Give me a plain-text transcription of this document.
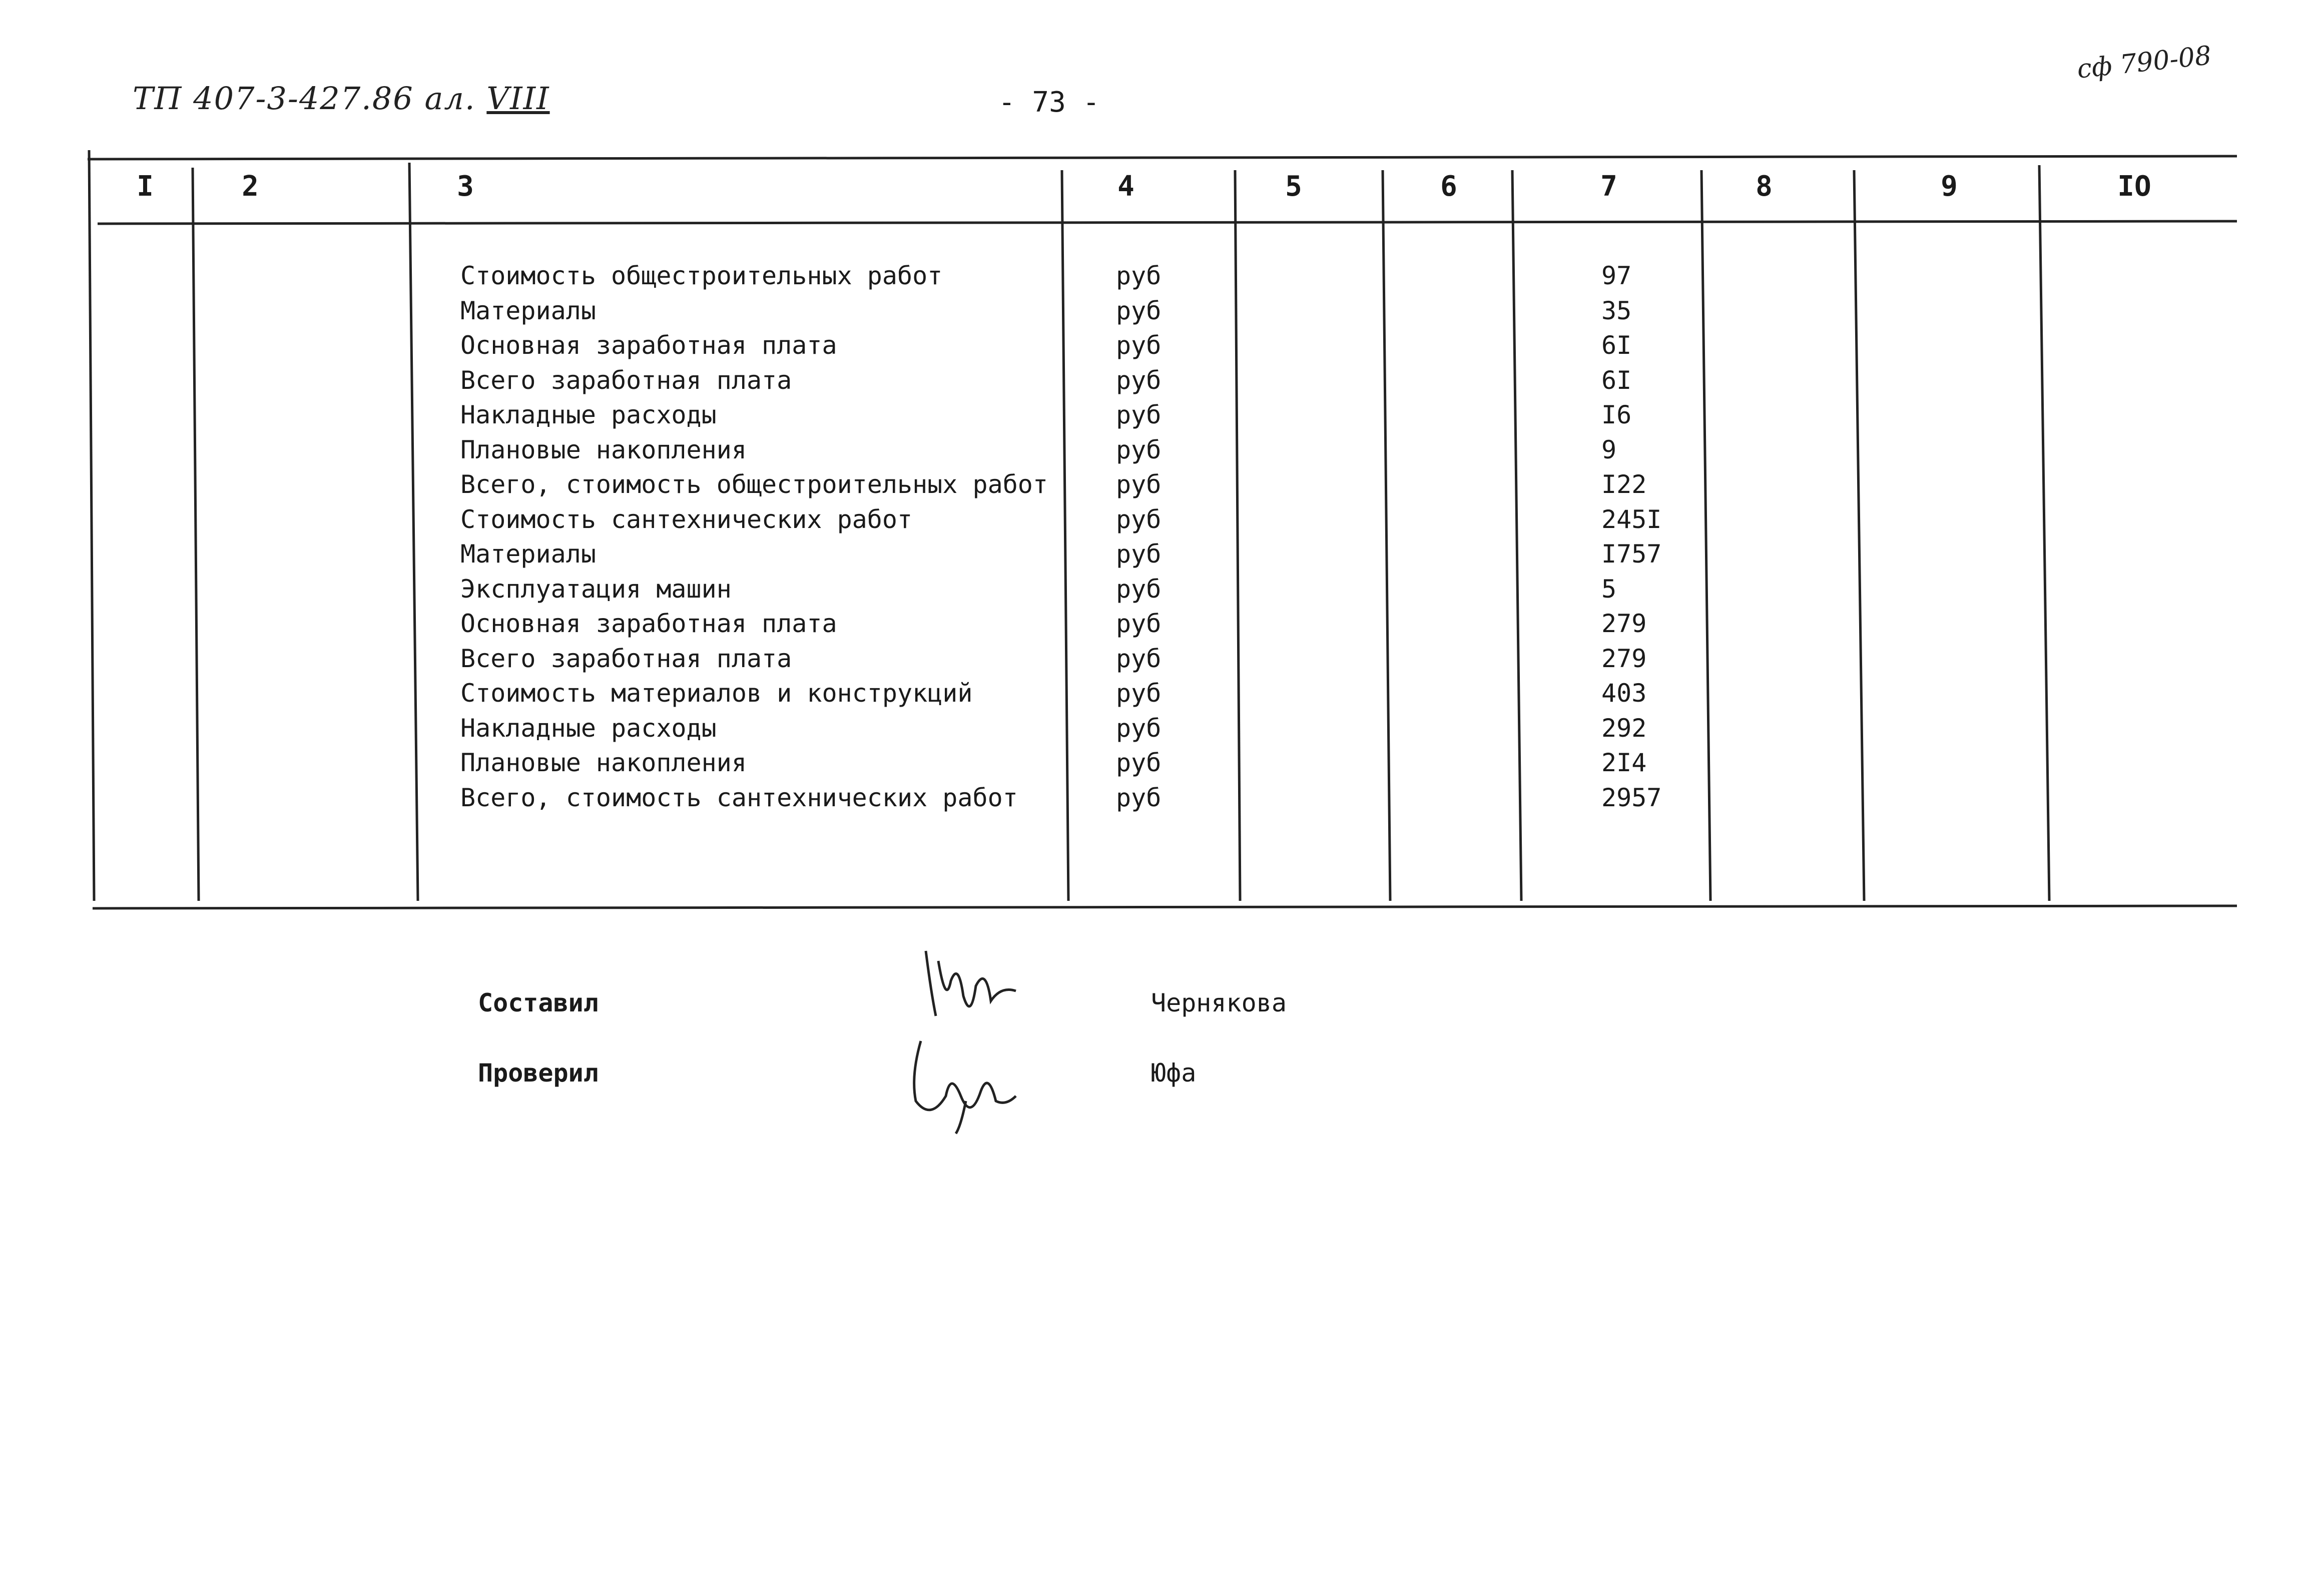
ТП 407-3-427.86 ал. VIII	- 73 -
сф 790-08
I	2	3	4	5	6	7	8	9	IO
Стоимость общестроительных работ	руб	97
Материалы	руб	35
Основная заработная плата	руб	6I
Всего заработная плата	руб	6I
Накладные расходы	руб	I6
Плановые накопления	руб	9
Всего, стоимость общестроительных работ	руб	I22
Стоимость сантехнических работ	руб	245I
Материалы	руб	I757
Эксплуатация машин	руб	5
Основная заработная плата	руб	279
Всего заработная плата	руб	279
Стоимость материалов и конструкций	руб	403
Накладные расходы	руб	292
Плановые накопления	руб	2I4
Всего, стоимость сантехнических работ	руб	2957
Составил	Чернякова
Проверил	Юфа
